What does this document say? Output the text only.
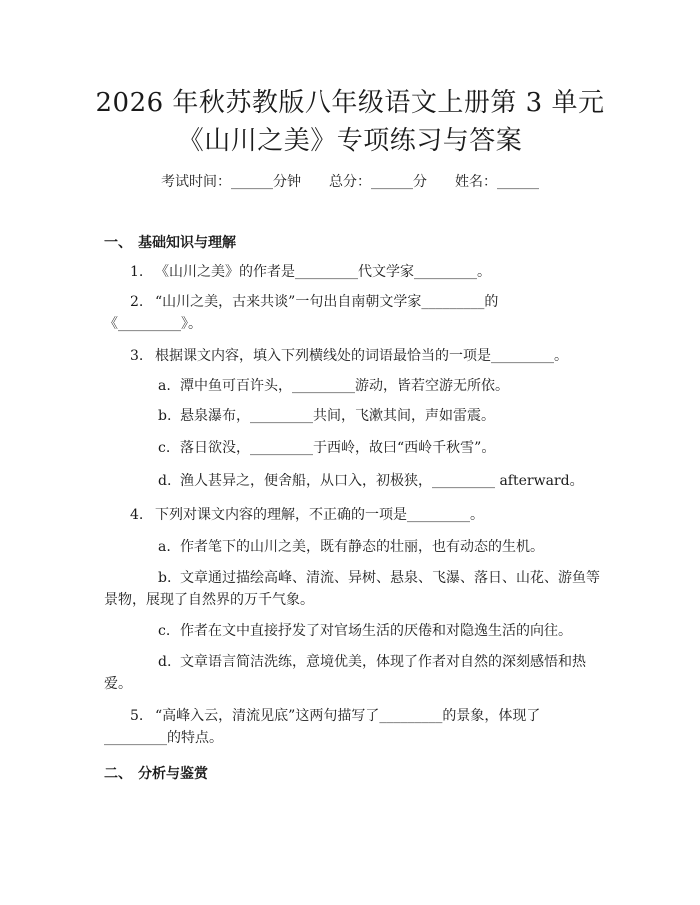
2026 年秋苏教版八年级语文上册第 3 单元
《山川之美》专项练习与答案
考试时间：______分钟 总分：______分 姓名：______
一、 基础知识与理解
1. 《山川之美》的作者是_________代文学家_________。
2. “山川之美，古来共谈”一句出自南朝文学家_________的
《_________》。
3. 根据课文内容，填入下列横线处的词语最恰当的一项是_________。
a. 潭中鱼可百许头，_________游动，皆若空游无所依。
b. 悬泉瀑布，_________共间，飞漱其间，声如雷震。
c. 落日欲没，_________于西岭，故曰“西岭千秋雪”。
d. 渔人甚异之，便舍船，从口入，初极狭，_________ afterward。
4. 下列对课文内容的理解，不正确的一项是_________。
a. 作者笔下的山川之美，既有静态的壮丽，也有动态的生机。
b. 文章通过描绘高峰、清流、异树、悬泉、飞瀑、落日、山花、游鱼等
景物，展现了自然界的万千气象。
c. 作者在文中直接抒发了对官场生活的厌倦和对隐逸生活的向往。
d. 文章语言简洁洗练，意境优美，体现了作者对自然的深刻感悟和热
爱。
5. “高峰入云，清流见底”这两句描写了_________的景象，体现了
_________的特点。
二、 分析与鉴赏
